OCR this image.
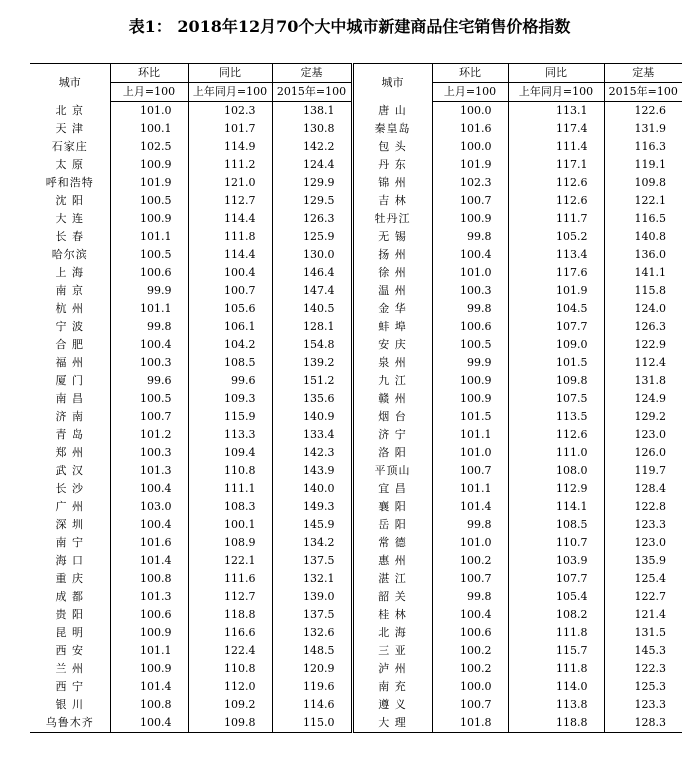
表1： 2018年12月70个大中城市新建商品住宅销售价格指数
城市	环比	同比	定基	城市	环比	同比	定基
	上月=100	上年同月=100	2015年=100		上月=100	上年同月=100	2015年=100
北 京	101.0	102.3	138.1	唐 山	100.0	113.1	122.6
天 津	100.1	101.7	130.8	秦皇岛	101.6	117.4	131.9
石家庄	102.5	114.9	142.2	包 头	100.0	111.4	116.3
太 原	100.9	111.2	124.4	丹 东	101.9	117.1	119.1
呼和浩特	101.9	121.0	129.9	锦 州	102.3	112.6	109.8
沈 阳	100.5	112.7	129.5	吉 林	100.7	112.6	122.1
大 连	100.9	114.4	126.3	牡丹江	100.9	111.7	116.5
长 春	101.1	111.8	125.9	无 锡	99.8	105.2	140.8
哈尔滨	100.5	114.4	130.0	扬 州	100.4	113.4	136.0
上 海	100.6	100.4	146.4	徐 州	101.0	117.6	141.1
南 京	99.9	100.7	147.4	温 州	100.3	101.9	115.8
杭 州	101.1	105.6	140.5	金 华	99.8	104.5	124.0
宁 波	99.8	106.1	128.1	蚌 埠	100.6	107.7	126.3
合 肥	100.4	104.2	154.8	安 庆	100.5	109.0	122.9
福 州	100.3	108.5	139.2	泉 州	99.9	101.5	112.4
厦 门	99.6	99.6	151.2	九 江	100.9	109.8	131.8
南 昌	100.5	109.3	135.6	赣 州	100.9	107.5	124.9
济 南	100.7	115.9	140.9	烟 台	101.5	113.5	129.2
青 岛	101.2	113.3	133.4	济 宁	101.1	112.6	123.0
郑 州	100.3	109.4	142.3	洛 阳	101.0	111.0	126.0
武 汉	101.3	110.8	143.9	平顶山	100.7	108.0	119.7
长 沙	100.4	111.1	140.0	宜 昌	101.1	112.9	128.4
广 州	103.0	108.3	149.3	襄 阳	101.4	114.1	122.8
深 圳	100.4	100.1	145.9	岳 阳	99.8	108.5	123.3
南 宁	101.6	108.9	134.2	常 德	101.0	110.7	123.0
海 口	101.4	122.1	137.5	惠 州	100.2	103.9	135.9
重 庆	100.8	111.6	132.1	湛 江	100.7	107.7	125.4
成 都	101.3	112.7	139.0	韶 关	99.8	105.4	122.7
贵 阳	100.6	118.8	137.5	桂 林	100.4	108.2	121.4
昆 明	100.9	116.6	132.6	北 海	100.6	111.8	131.5
西 安	101.1	122.4	148.5	三 亚	100.2	115.7	145.3
兰 州	100.9	110.8	120.9	泸 州	100.2	111.8	122.3
西 宁	101.4	112.0	119.6	南 充	100.0	114.0	125.3
银 川	100.8	109.2	114.6	遵 义	100.7	113.8	123.3
乌鲁木齐	100.4	109.8	115.0	大 理	101.8	118.8	128.3
